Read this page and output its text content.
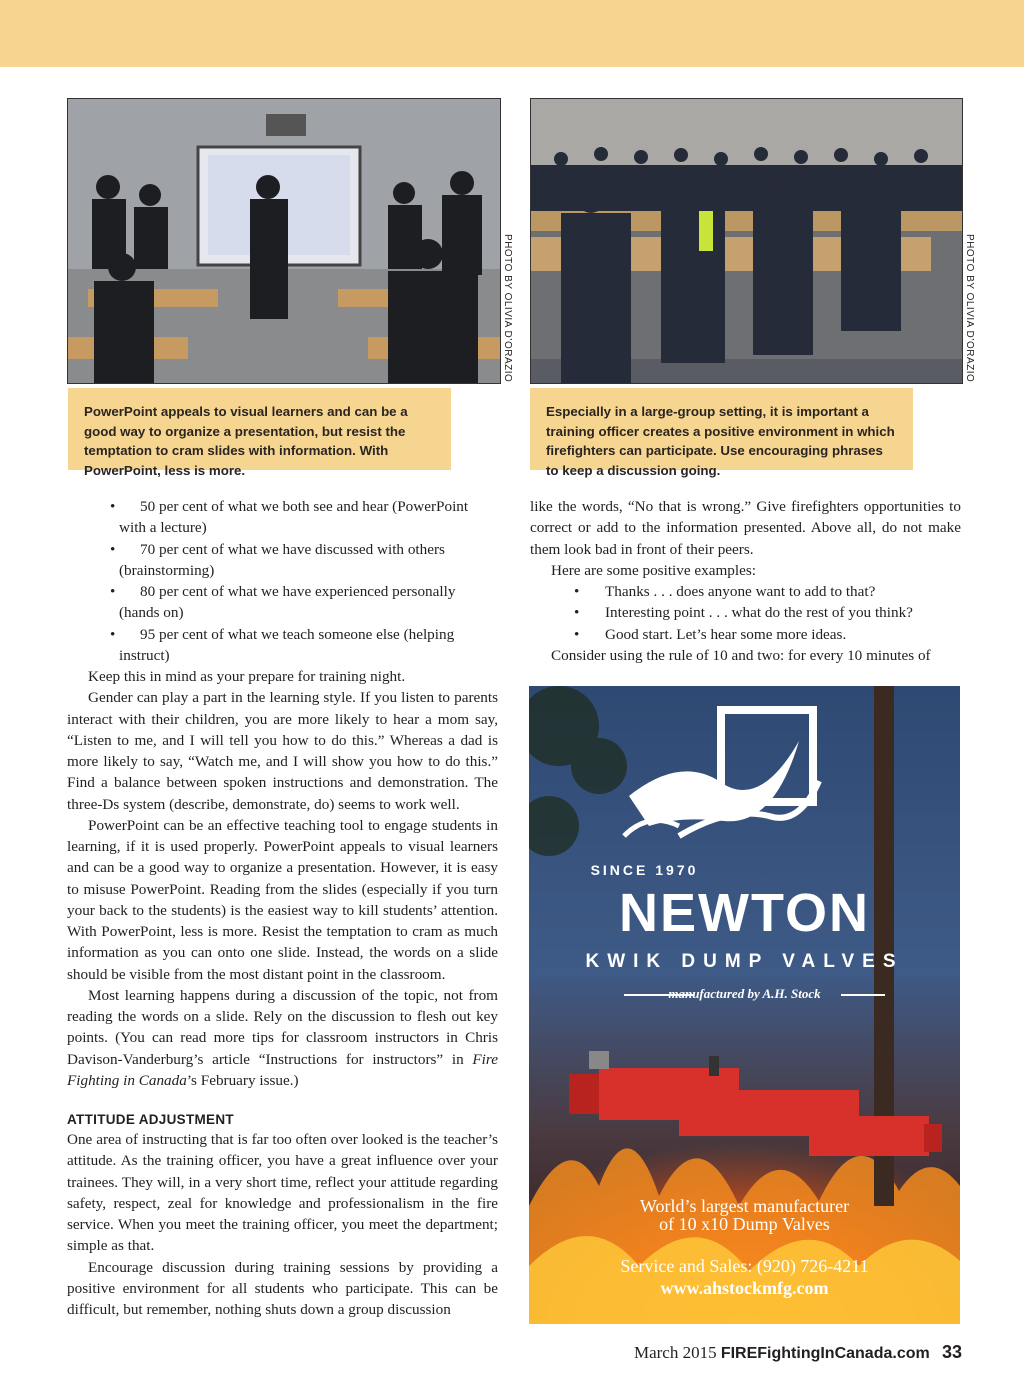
PHOTO BY OLIVIA D’ORAZIO	PHOTO BY OLIVIA D’ORAZIO
PowerPoint appeals to visual learners and can be a good way to organize a presentation, but resist the temptation to cram slides with information. With PowerPoint, less is more.
Especially in a large-group setting, it is important a training officer creates a positive environment in which firefighters can participate. Use encouraging phrases to keep a discussion going.

• 50 per cent of what we both see and hear (PowerPoint with a lecture)

• 70 per cent of what we have discussed with others (brainstorming)

• 80 per cent of what we have experienced personally (hands on)

• 95 per cent of what we teach someone else (helping instruct)

Keep this in mind as your prepare for training night.

Gender can play a part in the learning style. If you listen to parents interact with their children, you are more likely to hear a mom say, “Listen to me, and I will tell you how to do this.” Whereas a dad is more likely to say, “Watch me, and I will show you how to do this.” Find a balance between spoken instructions and demonstration. The three-Ds system (describe, demonstrate, do) seems to work well.

PowerPoint can be an effective teaching tool to engage students in learning, if it is used properly. PowerPoint appeals to visual learners and can be a good way to organize a presentation. However, it is easy to misuse PowerPoint. Reading from the slides (especially if you turn your back to the students) is the easiest way to kill students’ attention. With PowerPoint, less is more. Resist the temptation to cram as much information as you can onto one slide. Instead, the words on a slide should be visible from the most distant point in the classroom.

Most learning happens during a discussion of the topic, not from reading the words on a slide. Rely on the discussion to flesh out key points. (You can read more tips for classroom instructors in Chris Davison-Vanderburg’s article “Instructions for instructors” in Fire Fighting in Canada’s February issue.)

ATTITUDE ADJUSTMENT

One area of instructing that is far too often over looked is the teacher’s attitude. As the training officer, you have a great influence over your trainees. They will, in a very short time, reflect your attitude regarding safety, respect, zeal for knowledge and professionalism in the fire service. When you meet the training officer, you meet the department; simple as that.

Encourage discussion during training sessions by providing a positive environment for all students who participate. This can be difficult, but remember, nothing shuts down a group discussion

like the words, “No that is wrong.” Give firefighters opportunities to correct or add to the information presented. Above all, do not make them look bad in front of their peers.

Here are some positive examples:

• Thanks . . . does anyone want to add to that?

• Interesting point . . . what do the rest of you think?

• Good start. Let’s hear some more ideas.

Consider using the rule of 10 and two: for every 10 minutes of

SINCE 1970
NEWTON
KWIK DUMP VALVES
manufactured by A.H. Stock
World’s largest manufacturer
of 10 x10 Dump Valves
Service and Sales: (920) 726-4211
www.ahstockmfg.com
March 2015 FIREFightingInCanada.com 33
